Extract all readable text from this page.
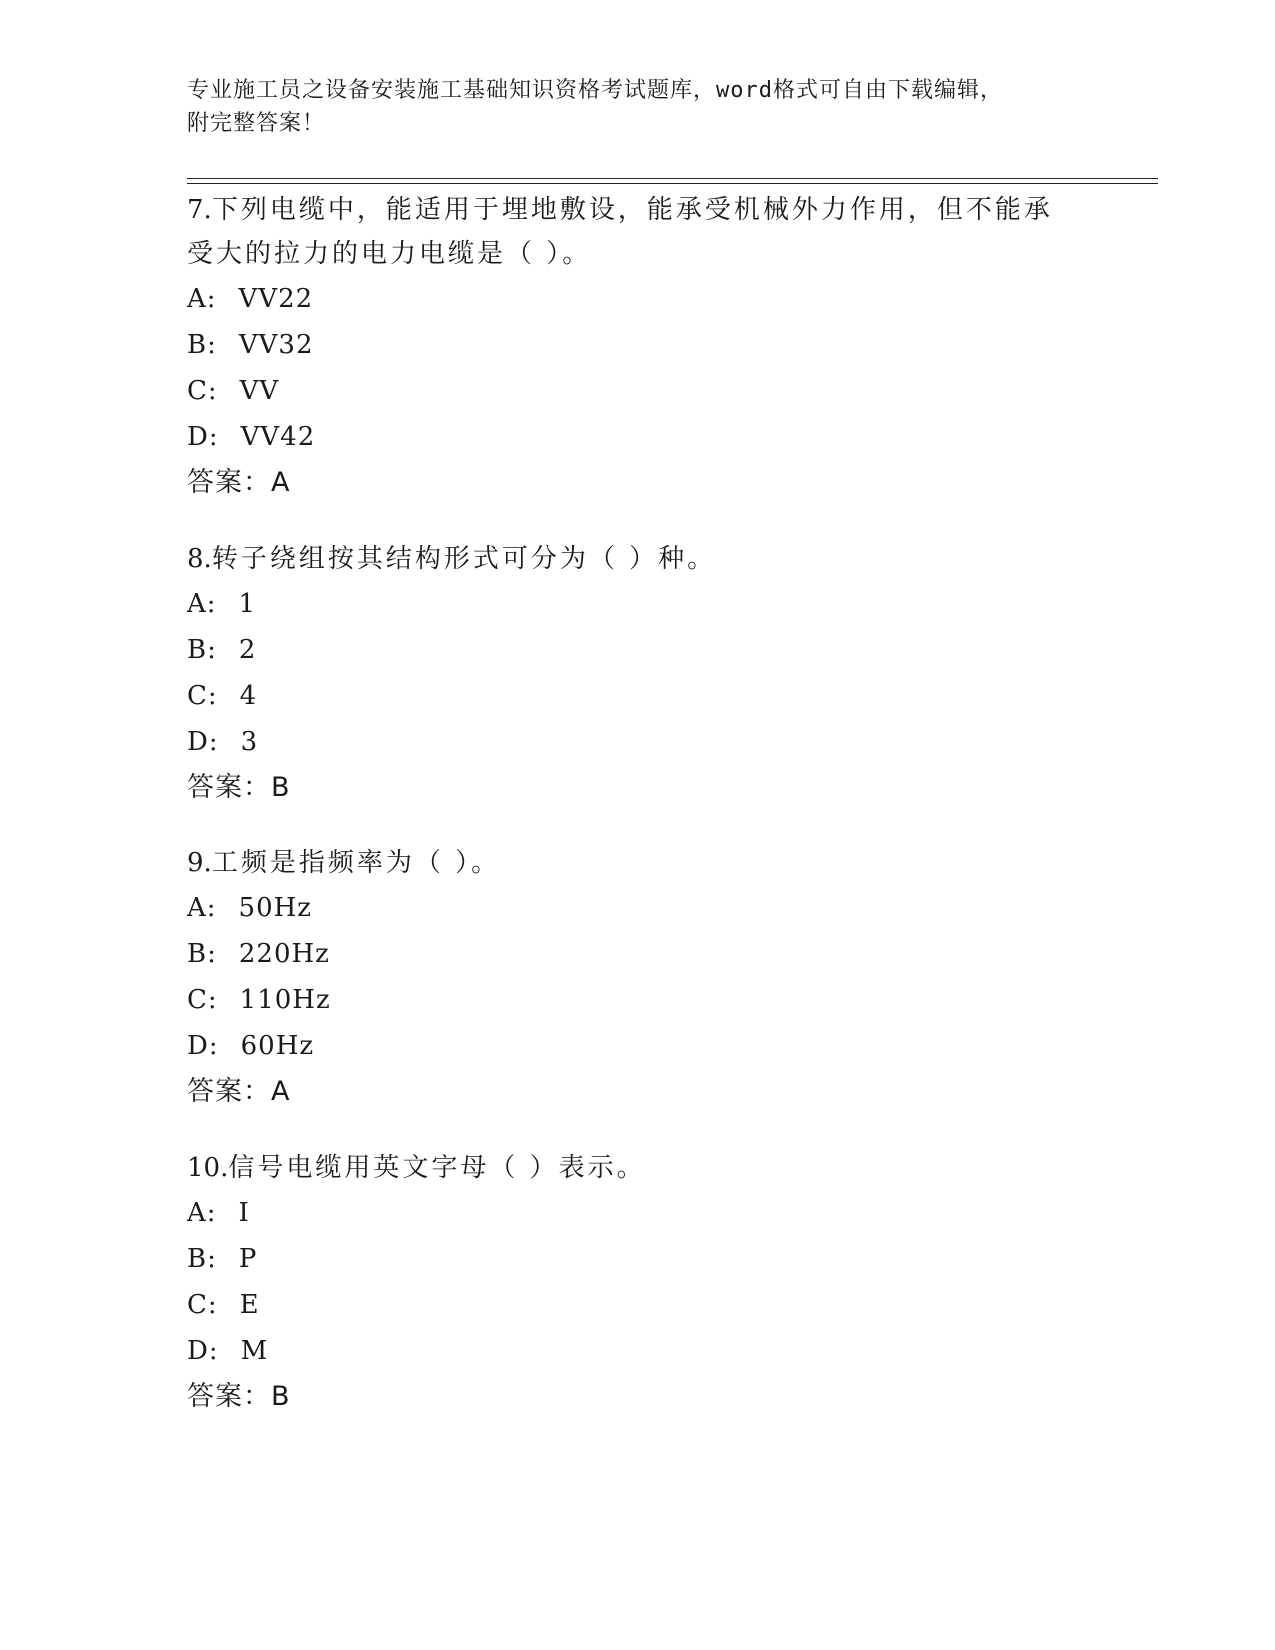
专业施工员之设备安装施工基础知识资格考试题库，word格式可自由下载编辑，
附完整答案！
7.下列电缆中，能适用于埋地敷设，能承受机械外力作用，但不能承
受大的拉力的电力电缆是（ ）。
A: VV22
B: VV32
C: VV
D: VV42
答案：A
8.转子绕组按其结构形式可分为（ ）种。
A: 1
B: 2
C: 4
D: 3
答案：B
9.工频是指频率为（ ）。
A: 50Hz
B: 220Hz
C: 110Hz
D: 60Hz
答案：A
10.信号电缆用英文字母（ ）表示。
A: I
B: P
C: E
D: M
答案：B
